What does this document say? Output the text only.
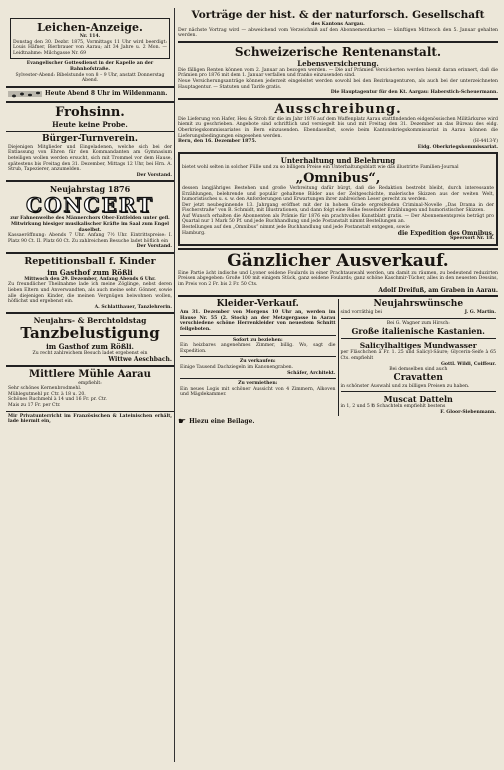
Leichen-Anzeige.
Nr. 114.

Donstag den 30. Dezbr. 1875, Vormittags 11 Uhr wird beerdigt: Louis Häfner, Bierbrauer von Aarau; alt 34 Jahre u. 2 Mon. — Leidtnahme: Milchgasse Nr. 69

Evangelischer Gottesdienst in der Kapelle an der Bahnhofstraße.

Sylvester-Abend: Bibelstunde von 8 – 9 Uhr, anstatt Donnerstag Abend.

Heute Abend 8 Uhr im Wildenmann.
Frohsinn.
Heute keine Probe.
Bürger-Turnverein.

Diejenigen Mitglieder und Eingeladenen, welche sich bei der Entlassung von Ehren für den Kommandanten am Gymnasium beteiligen wollen werden ersucht, sich mit Trommel vor dem Hause, spätestens bis Freitag den 31. Dezember, Mittags 12 Uhr, bei Hrn. A. Strub, Tapezierer, anzumelden.

Der Vorstand.

Neujahrstag 1876
CONCERT

zur Fahnenweihe des Männerchors Ober-Entfelden unter gefl. Mitwirkung hiesiger musikalischer Kräfte im Saal zum Engel daselbst.

Kassaeröffnung: Abends 7 Uhr. Anfang 7½ Uhr. Eintrittspreise: I. Platz 90 Ct. II. Platz 60 Ct. Zu zahlreichem Besuche ladet höflich ein

Der Vorstand.

Repetitionsball f. Kinder
im Gasthof zum Rößli

Mittwoch den 29. Dezember, Anfang Abends 6 Uhr.

Zu freundlicher Theilnahme lade ich meine Zöglinge, nebst deren lieben Eltern und Anverwandten, als auch meine sehr. Gönner, sowie alle diejenigen Kinder, die meinen Vergnügen beiwohnen wollen, höflichst und ergebenst ein.

A. Schlatthauer, Tanzlehrerin.

Neujahrs- & Berchtoldstag
Tanzbelustigung
im Gasthof zum Rößli.

Zu recht zahlreichem Besuch ladet ergebenst ein

Wittwe Aeschbach.

Mittlere Mühle Aarau

empfiehlt:

Sehr schönes Kernenbrodmehl.

Mühlegutmehl pr. Ctr. à 18 u. 20.

Schönes Ruchmehl à 14 und 16 Fr. pr. Ctr.

Mais zu 17 Fr. per Ctr.

Mir Privatunterricht im Französischen & Lateinischen erhält, lade hiermit ein,

Vorträge der hist. & der naturforsch. Gesellschaft
des Kantons Aargau.

Der nächste Vortrag wird — abweichend vom Verzeichniß auf den Abonnementkarten — künftigen Mittwoch den 5. Januar gehalten werden.

Schweizerische Rentenanstalt.
Lebensversicherung.

Die fälligen Renten können vom 2. Januar an bezogen werden. — Die auf Prämien Versicherten werden hiemit daran erinnert, daß die Prämien pro 1876 mit dem 1. Januar verfallen und franko einzusenden sind.

Neue Versicherungsanträge können jederzeit eingeleitet werden sowohl bei den Bezirksagenturen, als auch bei der unterzeichneten Hauptagentur. — Statuten und Tarife gratis.

Die Hauptagentur für den Kt. Aargau: Haberstich-Scheuermann.

Ausschreibung.

Die Lieferung von Hafer, Heu & Stroh für die im Jahr 1876 auf dem Waffenplatz Aarau stattfindenden eidgenössischen Militärkurse wird hiemit zu geschrieben. Angebote sind schriftlich und versiegelt bis und mit Freitag den 31. Dezember an das Büreau des eidg. Oberkriegskommissariates in Bern einzusenden. Ebendaselbst, sowie beim Kantonskriegskommissariat in Aarau können die Lieferungsbedingungen eingesehen werden.

Bern, den 16. Dezember 1875.	(H-4413-Y)

Eidg. Oberkriegskommissariat.

Unterhaltung und Belehrung

bietet wohl selten in solcher Fülle und zu so billigem Preise ein Unterhaltungsblatt wie das illustrirte Familien-Journal

„Omnibus“,

dessen langjähriges Bestehen und große Verbreitung dafür bürgt, daß die Redaktion bestrebt bleibt, durch interessante Erzählungen, belehrende und populär gehaltene Bilder aus der Zeitgeschichte, malerische Skizzen aus der weiten Welt, humoristisches u. s. w. den Anforderungen und Erwartungen ihrer zahlreichen Leser gerecht zu werden.

Der jetzt neubeginnende 13. Jahrgang eröffnet mit der in hohem Grade ergreifenden Criminal-Novelle „Das Drama in der Fischerstraße“ von B. Schmidt, mit Illustrationen, und dann folgt eine Reihe fesselnder Erzählungen und humoristischer Skizzen.

Auf Wunsch erhalten die Abonnenten als Prämie für 1876 ein prachtvolles Kunstblatt gratis. — Der Abonnementspreis beträgt pro Quartal nur 1 Mark 50 Pf. und jede Buchhandlung und jede Postanstalt nimmt Bestellungen an.

Bestellungen auf den „Omnibus“ nimmt jede Buchhandlung und jede Postanstalt entgegen, sowie

Hamburg.	die Expedition des Omnibus,

Speersort Nr. 18.

Gänzlicher Ausverkauf.

Eine Partie ächt indische und Lyoner seidene Foulards in einer Prachtauswahl werden, um damit zu räumen, zu bedeutend reduzirten Preisen abgegeben: Große 100 mit einigem Stück, ganz seidene Foulards; ganz schöne Kaschmir-Tücher, alles in den neuesten Dessins, im Preis von 2 Fr. bis 2 Fr. 50 Cts.

Adolf Dreifuß, am Graben in Aarau.

Kleider-Verkauf.

Am 31. Dezember von Morgens 10 Uhr an, werden im Hause Nr. 55 (2. Stock) an der Metzgergasse in Aarau verschiedene schöne Herrenkleider von neuestem Schnitt feilgeboten.

Sofort zu beziehen:

Ein heizbares angenehmes Zimmer, billig. Wo, sagt die Expedition.

Zu verkaufen:

Einige Tausend Dachziegeln im Kanonengraben.

Schäfer, Architekt.

Zu vermiethen:

Ein neues Logis mit schöner Aussicht von 4 Zimmern, Alkoven und Mägdekammer.

Neujahrswünsche
sind vorräthig bei	J. G. Martin.

Bei G. Wagner zum Hirsch:

Große italienische Kastanien.
Salicylhaltiges Mundwasser

per Fläschchen à Fr. 1. 25 und Salicyl-Säure; Glycerin-Seife à 65 Cts. empfiehlt

Gottl. Wildi, Coiffeur.

Bei demselben sind auch

Cravatten

in schönster Auswahl und zu billigen Preisen zu haben.

Muscat Datteln

in 1, 2 und 5 ℔ Schachteln empfiehlt bestens

F. Gloor-Siebenmann.

☛ Hiezu eine Beilage.
